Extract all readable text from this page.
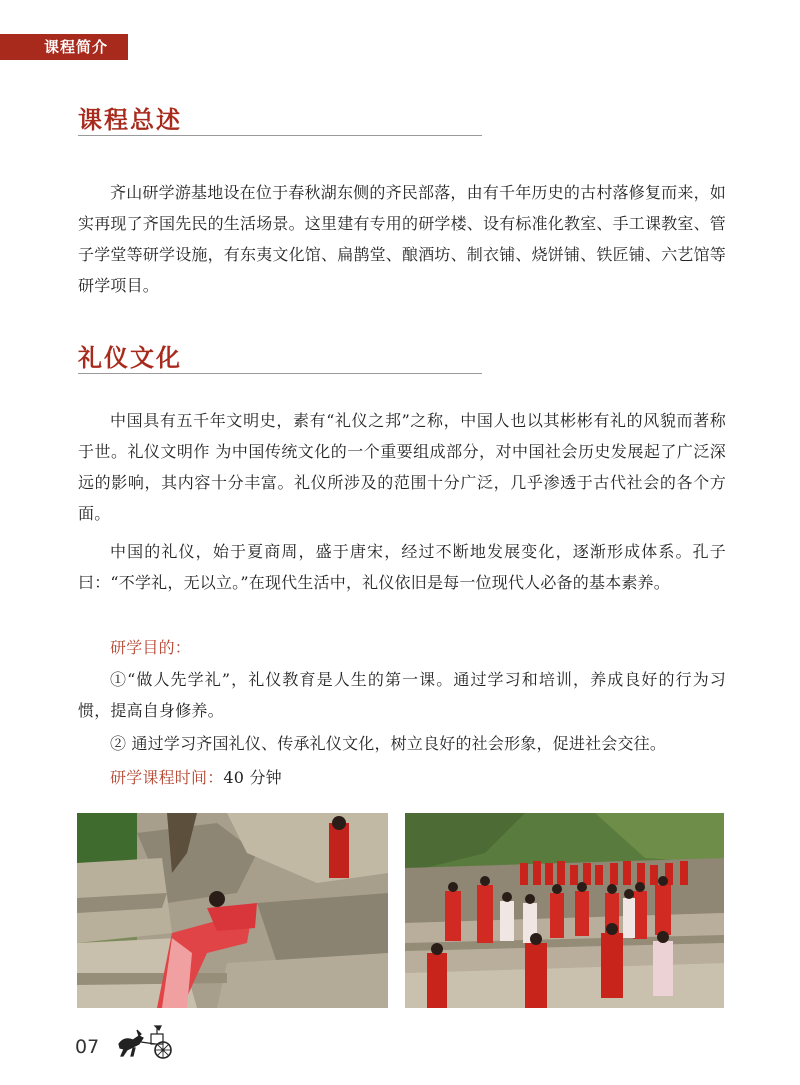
课程简介
课程总述

齐山研学游基地设在位于春秋湖东侧的齐民部落，由有千年历史的古村落修复而来，如实再现了齐国先民的生活场景。这里建有专用的研学楼、设有标准化教室、手工课教室、管子学堂等研学设施，有东夷文化馆、扁鹊堂、酿酒坊、制衣铺、烧饼铺、铁匠铺、六艺馆等研学项目。

礼仪文化

中国具有五千年文明史，素有“礼仪之邦”之称，中国人也以其彬彬有礼的风貌而著称于世。礼仪文明作 为中国传统文化的一个重要组成部分，对中国社会历史发展起了广泛深远的影响，其内容十分丰富。礼仪所涉及的范围十分广泛，几乎渗透于古代社会的各个方面。

中国的礼仪，始于夏商周，盛于唐宋，经过不断地发展变化，逐渐形成体系。孔子曰：“不学礼，无以立。”在现代生活中，礼仪依旧是每一位现代人必备的基本素养。

研学目的：

①“做人先学礼”，礼仪教育是人生的第一课。通过学习和培训，养成良好的行为习惯，提高自身修养。

② 通过学习齐国礼仪、传承礼仪文化，树立良好的社会形象，促进社会交往。

研学课程时间：40 分钟

07
